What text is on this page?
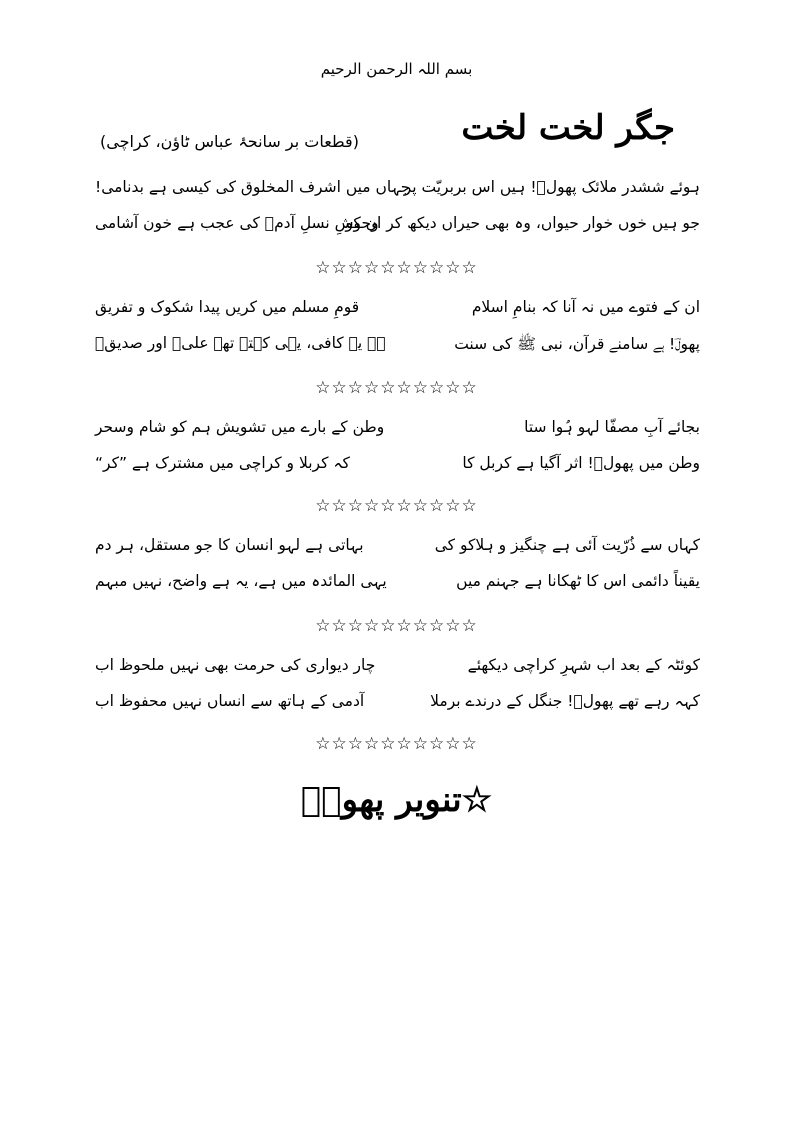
بسم اللہ الرحمن الرحیم
جگر لخت لخت
(قطعات بر سانحۂ عباس ٹاؤن، کراچی)
ہوئے ششدر ملائک پھولؔ! ہیں اس بربریّت پر
جہاں میں اشرف المخلوق کی کیسی ہے بدنامی!
جو ہیں خوں خوار حیواں، وہ بھی حیراں دیکھ کر ان کو
وحوشِ نسلِ آدمؑ کی عجب ہے خون آشامی
☆☆☆☆☆☆☆☆☆☆
ان کے فتوے میں نہ آنا کہ بنامِ اسلام
قومِ مسلم میں کریں پیدا شکوک و تفریق
پھولؔ! ہے سامنے قرآن، نبی ﷺ کی سنت
ہے یہ کافی، یہی کہتے تھے علیؓ اور صدیقؓ
☆☆☆☆☆☆☆☆☆☆
بجائے آبِ مصفّا لہو ہُوا ستا
وطن کے بارے میں تشویش ہم کو شام وسحر
وطن میں پھولؔ! اثر آگیا ہے کربل کا
کہ کربلا و کراچی میں مشترک ہے ”کر“
☆☆☆☆☆☆☆☆☆☆
کہاں سے ذُرّیت آئی ہے چنگیز و ہلاکو کی
بہاتی ہے لہو انسان کا جو مستقل، ہر دم
یقیناً دائمی اس کا ٹھکانا ہے جہنم میں
یہی المائدہ میں ہے، یہ ہے واضح، نہیں مبہم
☆☆☆☆☆☆☆☆☆☆
کوئٹہ کے بعد اب شہرِ کراچی دیکھئے
چار دیواری کی حرمت بھی نہیں ملحوظ اب
کہہ رہے تھے پھولؔ! جنگل کے درندے برملا
آدمی کے ہاتھ سے انساں نہیں محفوظ اب
☆☆☆☆☆☆☆☆☆☆
☆تنویر پھولؔ
